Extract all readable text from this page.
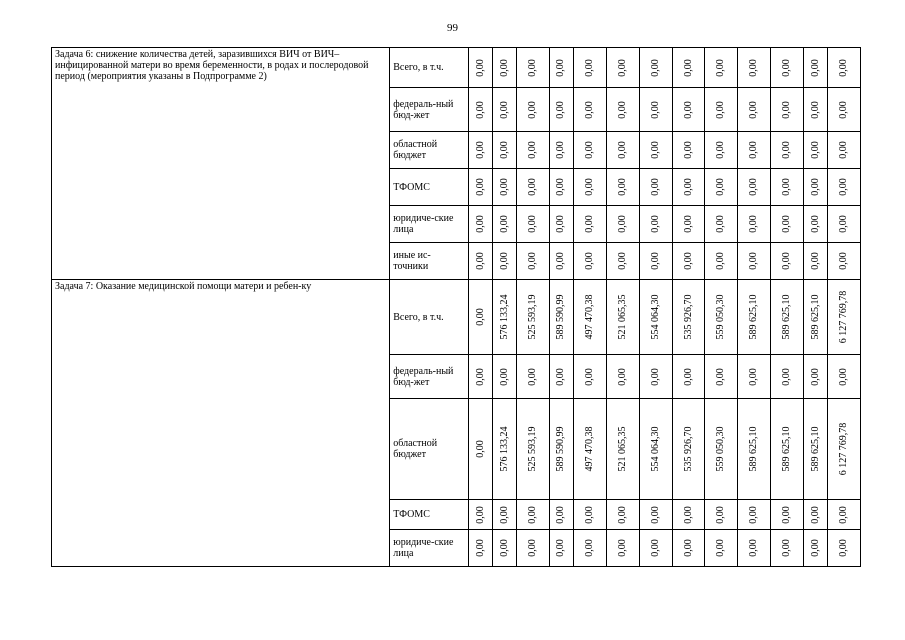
99
Задача 6: снижение количества детей, заразившихся ВИЧ от ВИЧ–инфицированной матери во время беременности, в родах и послеродовой период (мероприятия указаны в Подпрограмме 2)	Всего, в т.ч.	0,00	0,00	0,00	0,00	0,00	0,00	0,00	0,00	0,00	0,00	0,00	0,00	0,00

	федераль-ный бюд-жет	0,00	0,00	0,00	0,00	0,00	0,00	0,00	0,00	0,00	0,00	0,00	0,00	0,00

	областной бюджет	0,00	0,00	0,00	0,00	0,00	0,00	0,00	0,00	0,00	0,00	0,00	0,00	0,00

	ТФОМС	0,00	0,00	0,00	0,00	0,00	0,00	0,00	0,00	0,00	0,00	0,00	0,00	0,00

	юридиче-ские лица	0,00	0,00	0,00	0,00	0,00	0,00	0,00	0,00	0,00	0,00	0,00	0,00	0,00

	иные ис-точники	0,00	0,00	0,00	0,00	0,00	0,00	0,00	0,00	0,00	0,00	0,00	0,00	0,00

Задача 7: Оказание медицинской помощи матери и ребен-ку	Всего, в т.ч.	0,00	576 133,24	525 593,19	589 590,99	497 470,38	521 065,35	554 064,30	535 926,70	559 050,30	589 625,10	589 625,10	589 625,10	6 127 769,78

	федераль-ный бюд-жет	0,00	0,00	0,00	0,00	0,00	0,00	0,00	0,00	0,00	0,00	0,00	0,00	0,00

	областной бюджет	0,00	576 133,24	525 593,19	589 590,99	497 470,38	521 065,35	554 064,30	535 926,70	559 050,30	589 625,10	589 625,10	589 625,10	6 127 769,78

	ТФОМС	0,00	0,00	0,00	0,00	0,00	0,00	0,00	0,00	0,00	0,00	0,00	0,00	0,00

	юридиче-ские лица	0,00	0,00	0,00	0,00	0,00	0,00	0,00	0,00	0,00	0,00	0,00	0,00	0,00
